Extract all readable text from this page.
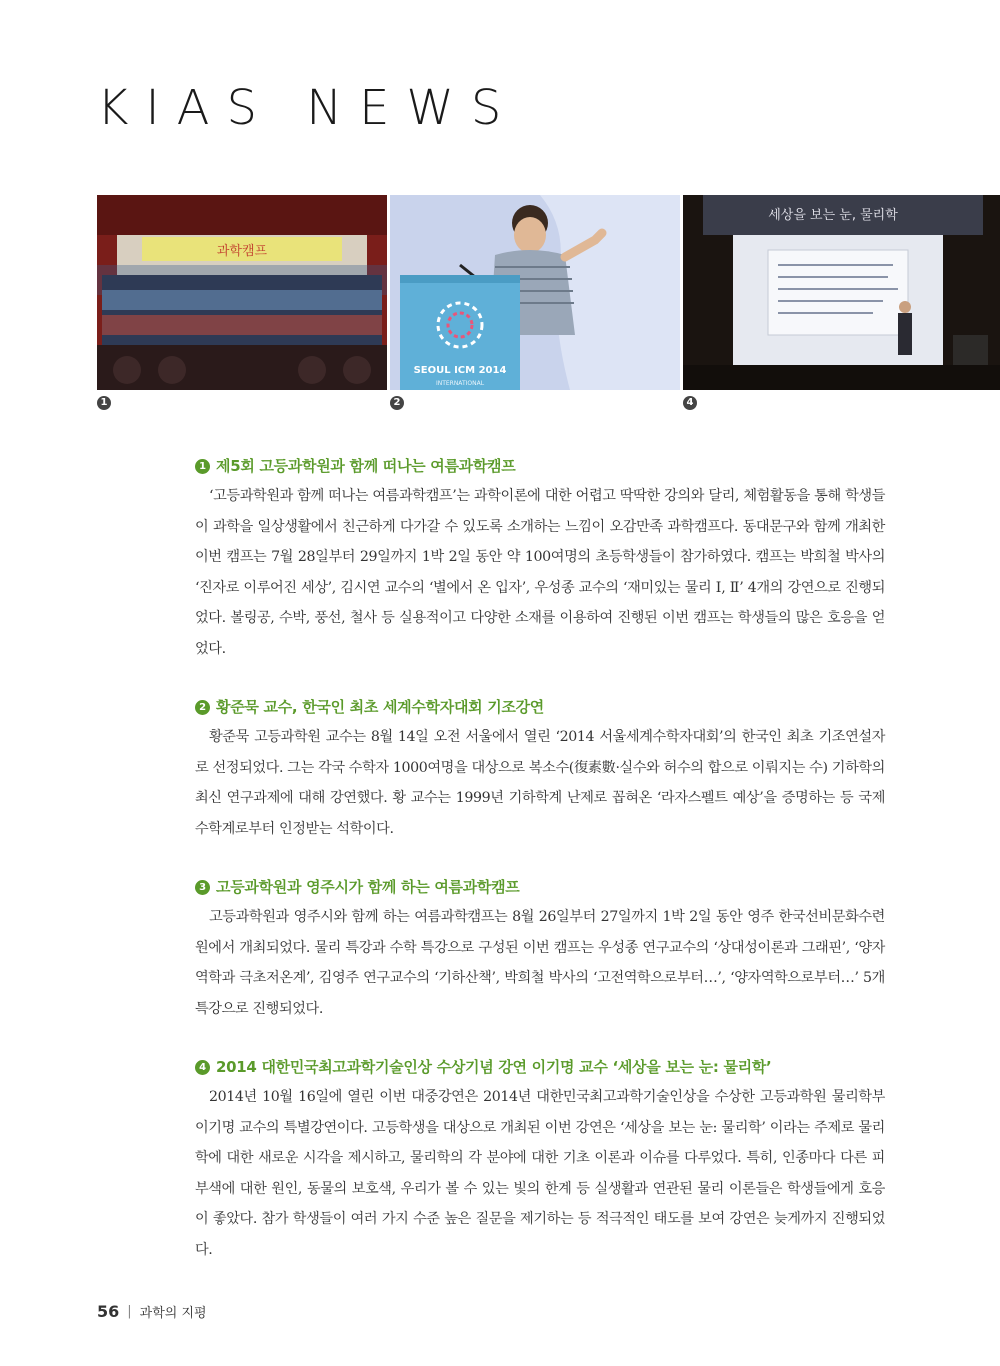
KIAS NEWS
과학캠프
SEOUL ICM 2014
INTERNATIONAL
세상을 보는 눈, 물리학
1	2	4
1 제5회 고등과학원과 함께 떠나는 여름과학캠프

‘고등과학원과 함께 떠나는 여름과학캠프’는 과학이론에 대한 어렵고 딱딱한 강의와 달리, 체험활동을 통해 학생들이 과학을 일상생활에서 친근하게 다가갈 수 있도록 소개하는 느낌이 오감만족 과학캠프다. 동대문구와 함께 개최한 이번 캠프는 7월 28일부터 29일까지 1박 2일 동안 약 100여명의 초등학생들이 참가하였다. 캠프는 박희철 박사의 ‘진자로 이루어진 세상’, 김시연 교수의 ‘별에서 온 입자’, 우성종 교수의 ‘재미있는 물리 Ⅰ, Ⅱ’ 4개의 강연으로 진행되었다. 볼링공, 수박, 풍선, 철사 등 실용적이고 다양한 소재를 이용하여 진행된 이번 캠프는 학생들의 많은 호응을 얻었다.

2 황준묵 교수, 한국인 최초 세계수학자대회 기조강연

황준묵 고등과학원 교수는 8월 14일 오전 서울에서 열린 ‘2014 서울세계수학자대회’의 한국인 최초 기조연설자로 선정되었다. 그는 각국 수학자 1000여명을 대상으로 복소수(復素數·실수와 허수의 합으로 이뤄지는 수) 기하학의 최신 연구과제에 대해 강연했다. 황 교수는 1999년 기하학계 난제로 꼽혀온 ‘라자스펠트 예상’을 증명하는 등 국제 수학계로부터 인정받는 석학이다.

3 고등과학원과 영주시가 함께 하는 여름과학캠프

고등과학원과 영주시와 함께 하는 여름과학캠프는 8월 26일부터 27일까지 1박 2일 동안 영주 한국선비문화수련원에서 개최되었다. 물리 특강과 수학 특강으로 구성된 이번 캠프는 우성종 연구교수의 ‘상대성이론과 그래핀’, ‘양자역학과 극초저온계’, 김영주 연구교수의 ‘기하산책’, 박희철 박사의 ‘고전역학으로부터…’, ‘양자역학으로부터…’ 5개 특강으로 진행되었다.

4 2014 대한민국최고과학기술인상 수상기념 강연 이기명 교수 ‘세상을 보는 눈: 물리학’

2014년 10월 16일에 열린 이번 대중강연은 2014년 대한민국최고과학기술인상을 수상한 고등과학원 물리학부 이기명 교수의 특별강연이다. 고등학생을 대상으로 개최된 이번 강연은 ‘세상을 보는 눈: 물리학’ 이라는 주제로 물리학에 대한 새로운 시각을 제시하고, 물리학의 각 분야에 대한 기초 이론과 이슈를 다루었다. 특히, 인종마다 다른 피부색에 대한 원인, 동물의 보호색, 우리가 볼 수 있는 빛의 한계 등 실생활과 연관된 물리 이론들은 학생들에게 호응이 좋았다. 참가 학생들이 여러 가지 수준 높은 질문을 제기하는 등 적극적인 태도를 보여 강연은 늦게까지 진행되었다.

56 | 과학의 지평
